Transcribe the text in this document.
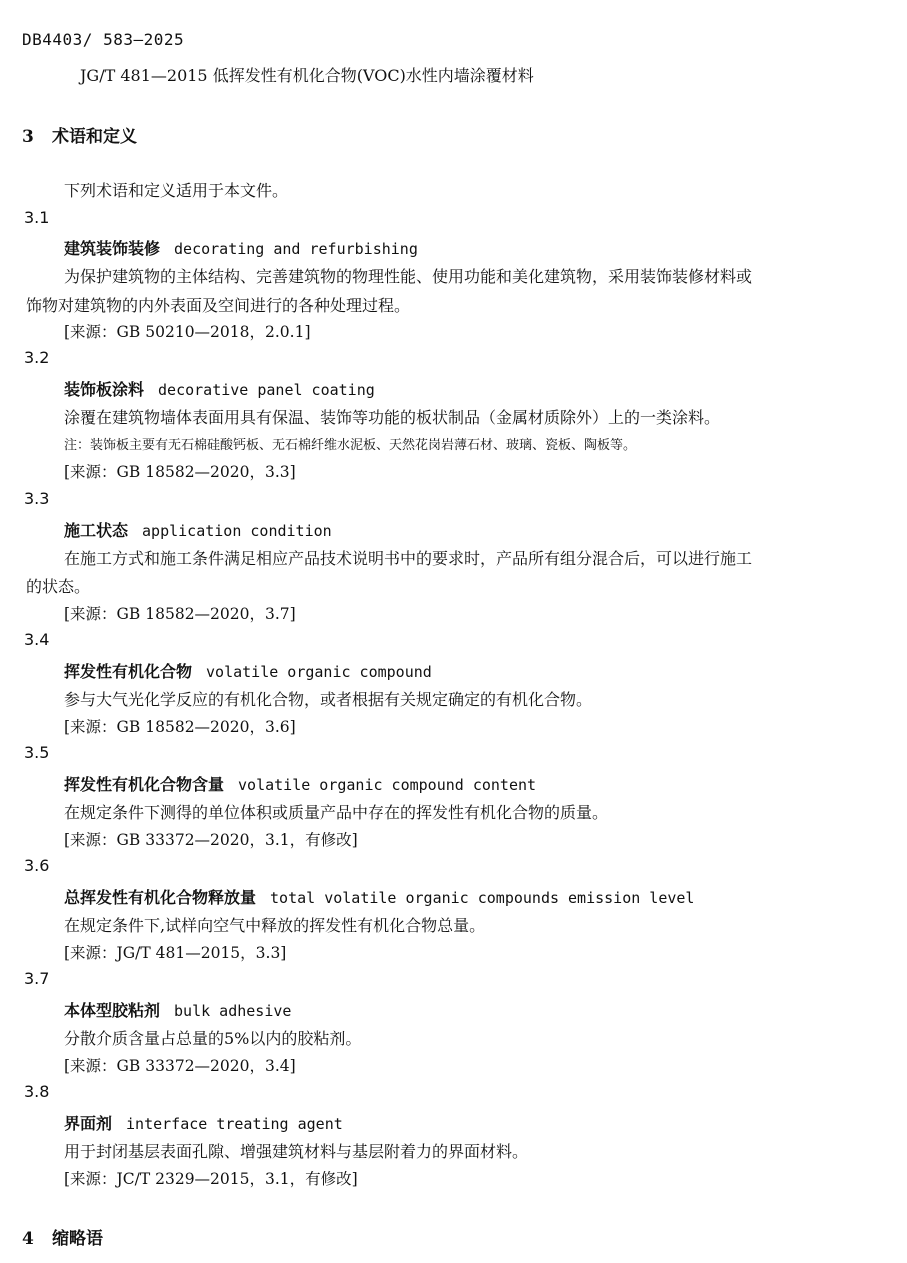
DB4403/ 583—2025
JG/T 481—2015 低挥发性有机化合物(VOC)水性内墙涂覆材料
3 术语和定义
下列术语和定义适用于本文件。
3.1
建筑装饰装修 decorating and refurbishing
为保护建筑物的主体结构、完善建筑物的物理性能、使用功能和美化建筑物，采用装饰装修材料或
饰物对建筑物的内外表面及空间进行的各种处理过程。
[来源：GB 50210—2018，2.0.1]
3.2
装饰板涂料 decorative panel coating
涂覆在建筑物墙体表面用具有保温、装饰等功能的板状制品（金属材质除外）上的一类涂料。
注：装饰板主要有无石棉硅酸钙板、无石棉纤维水泥板、天然花岗岩薄石材、玻璃、瓷板、陶板等。
[来源：GB 18582—2020，3.3]
3.3
施工状态 application condition
在施工方式和施工条件满足相应产品技术说明书中的要求时，产品所有组分混合后，可以进行施工
的状态。
[来源：GB 18582—2020，3.7]
3.4
挥发性有机化合物 volatile organic compound
参与大气光化学反应的有机化合物，或者根据有关规定确定的有机化合物。
[来源：GB 18582—2020，3.6]
3.5
挥发性有机化合物含量 volatile organic compound content
在规定条件下测得的单位体积或质量产品中存在的挥发性有机化合物的质量。
[来源：GB 33372—2020，3.1，有修改]
3.6
总挥发性有机化合物释放量 total volatile organic compounds emission level
在规定条件下,试样向空气中释放的挥发性有机化合物总量。
[来源：JG/T 481—2015，3.3]
3.7
本体型胶粘剂 bulk adhesive
分散介质含量占总量的5%以内的胶粘剂。
[来源：GB 33372—2020，3.4]
3.8
界面剂 interface treating agent
用于封闭基层表面孔隙、增强建筑材料与基层附着力的界面材料。
[来源：JC/T 2329—2015，3.1，有修改]
4 缩略语
